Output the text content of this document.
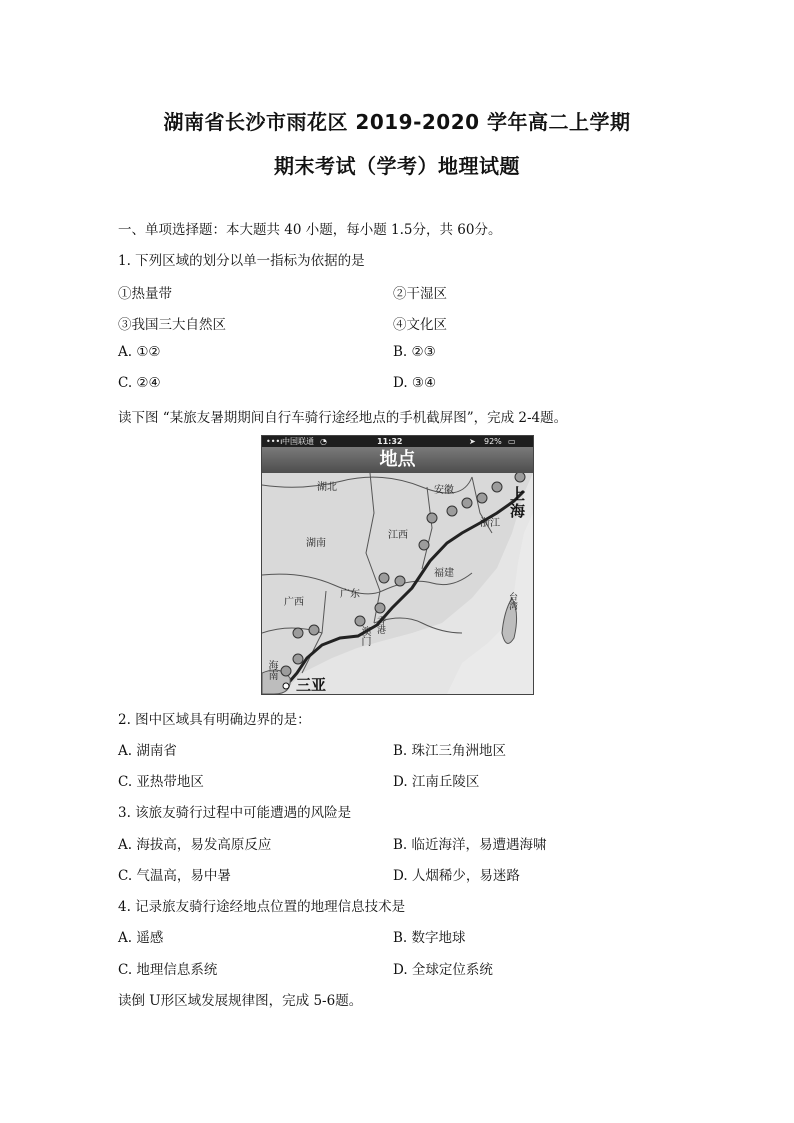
湖南省长沙市雨花区 2019-2020 学年高二上学期
期末考试（学考）地理试题
一、单项选择题：本大题共 40 小题，每小题 1.5分，共 60分。
1. 下列区域的划分以单一指标为依据的是
①热量带	②干湿区
③我国三大自然区	④文化区
A. ①②	B. ②③
C. ②④	D. ③④
读下图 “某旅友暑期期间自行车骑行途经地点的手机截屏图”，完成 2-4题。
•••ı 中国联通 ◔	11:32	➤ 92% ▭
地点
湖北	安徽	上海
浙江
湖南
江西
福建
广西
广东	台湾
香港
澳门
海南
三亚
2. 图中区域具有明确边界的是：
A. 湖南省	B. 珠江三角洲地区
C. 亚热带地区	D. 江南丘陵区
3. 该旅友骑行过程中可能遭遇的风险是
A. 海拔高，易发高原反应	B. 临近海洋，易遭遇海啸
C. 气温高，易中暑	D. 人烟稀少，易迷路
4. 记录旅友骑行途经地点位置的地理信息技术是
A. 遥感	B. 数字地球
C. 地理信息系统	D. 全球定位系统
读倒 U形区域发展规律图，完成 5-6题。
